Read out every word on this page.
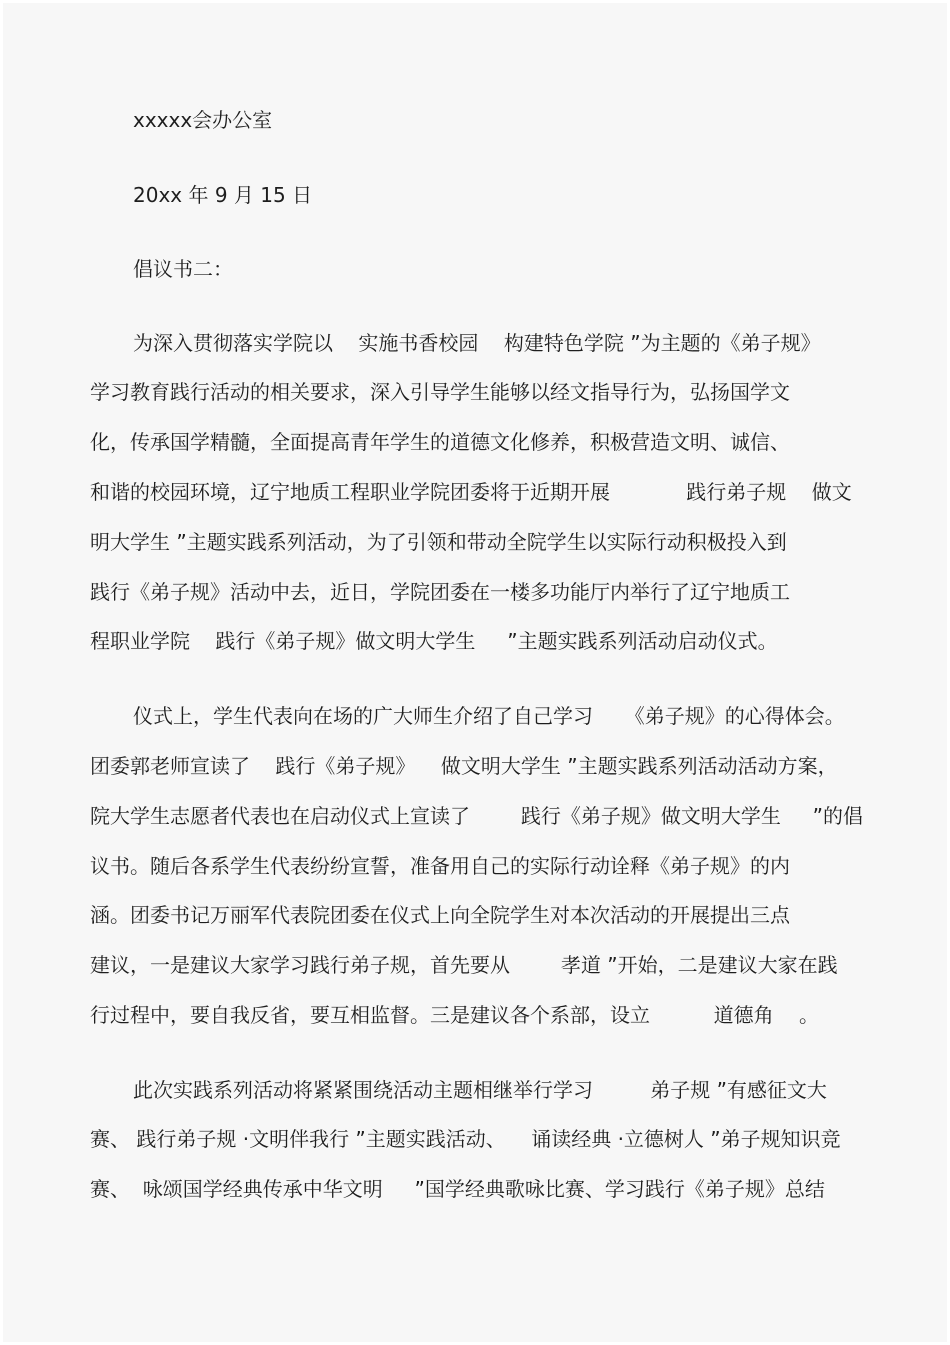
xxxxx会办公室
20xx 年 9 月 15 日
倡议书二：
为深入贯彻落实学院以    实施书香校园    构建特色学院 ”为主题的《弟子规》
学习教育践行活动的相关要求，深入引导学生能够以经文指导行为，弘扬国学文
化，传承国学精髓，全面提高青年学生的道德文化修养，积极营造文明、诚信、
和谐的校园环境，辽宁地质工程职业学院团委将于近期开展            践行弟子规    做文
明大学生 ”主题实践系列活动，为了引领和带动全院学生以实际行动积极投入到
践行《弟子规》活动中去，近日，学院团委在一楼多功能厅内举行了辽宁地质工
程职业学院    践行《弟子规》做文明大学生     ”主题实践系列活动启动仪式。
仪式上，学生代表向在场的广大师生介绍了自己学习     《弟子规》的心得体会。
团委郭老师宣读了    践行《弟子规》    做文明大学生 ”主题实践系列活动活动方案，
院大学生志愿者代表也在启动仪式上宣读了        践行《弟子规》做文明大学生     ”的倡
议书。随后各系学生代表纷纷宣誓，准备用自己的实际行动诠释《弟子规》的内
涵。团委书记万丽军代表院团委在仪式上向全院学生对本次活动的开展提出三点
建议，一是建议大家学习践行弟子规，首先要从        孝道 ”开始，二是建议大家在践
行过程中，要自我反省，要互相监督。三是建议各个系部，设立          道德角    。
此次实践系列活动将紧紧围绕活动主题相继举行学习         弟子规 ”有感征文大
赛、 践行弟子规 ·文明伴我行 ”主题实践活动、    诵读经典 ·立德树人 ”弟子规知识竞
赛、  咏颂国学经典传承中华文明     ”国学经典歌咏比赛、学习践行《弟子规》总结
